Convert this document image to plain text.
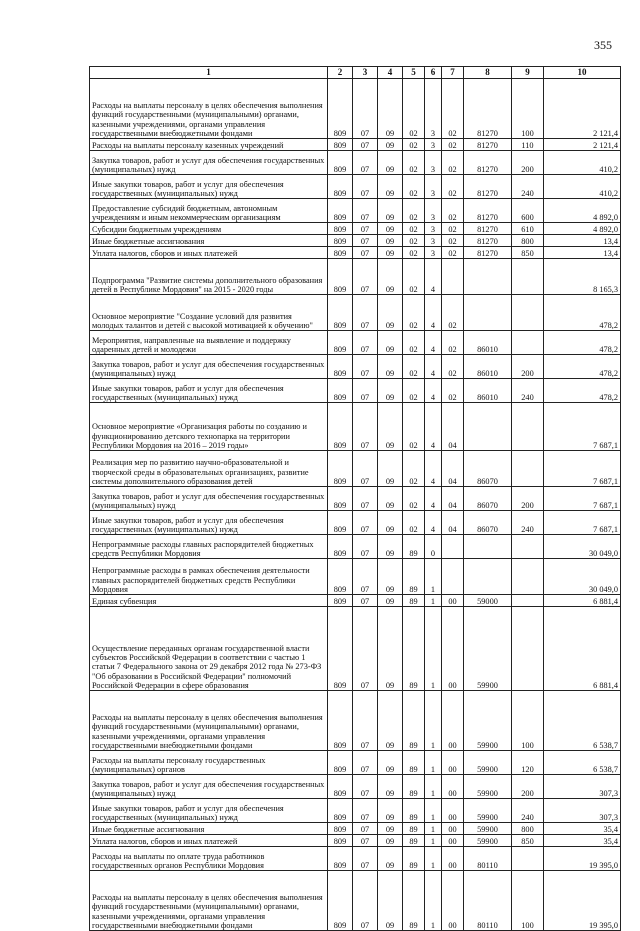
355
1	2	3	4	5	6	7	8	9	10
Расходы на выплаты персоналу в целях обеспечения выполнения функций государственными (муниципальными) органами, казенными учреждениями, органами управления государственными внебюджетными фондами	809	07	09	02	3	02	81270	100	2 121,4
Расходы на выплаты персоналу казенных учреждений	809	07	09	02	3	02	81270	110	2 121,4
Закупка товаров, работ и услуг для обеспечения государственных (муниципальных) нужд	809	07	09	02	3	02	81270	200	410,2
Иные закупки товаров, работ и услуг для обеспечения государственных (муниципальных) нужд	809	07	09	02	3	02	81270	240	410,2
Предоставление субсидий бюджетным, автономным учреждениям и иным некоммерческим организациям	809	07	09	02	3	02	81270	600	4 892,0
Субсидии бюджетным учреждениям	809	07	09	02	3	02	81270	610	4 892,0
Иные бюджетные ассигнования	809	07	09	02	3	02	81270	800	13,4
Уплата налогов, сборов и иных платежей	809	07	09	02	3	02	81270	850	13,4
Подпрограмма "Развитие системы дополнительного образования детей в Республике Мордовия" на 2015 - 2020 годы	809	07	09	02	4				8 165,3
Основное мероприятие "Создание условий для развития молодых талантов и детей с высокой мотивацией к обучению"	809	07	09	02	4	02			478,2
Мероприятия, направленные на выявление и поддержку одаренных детей и молодежи	809	07	09	02	4	02	86010		478,2
Закупка товаров, работ и услуг для обеспечения государственных (муниципальных) нужд	809	07	09	02	4	02	86010	200	478,2
Иные закупки товаров, работ и услуг для обеспечения государственных (муниципальных) нужд	809	07	09	02	4	02	86010	240	478,2
Основное мероприятие «Организация работы по созданию и функционированию детского технопарка на территории Республики Мордовия на 2016 – 2019 годы»	809	07	09	02	4	04			7 687,1
Реализация мер по развитию научно-образовательной и творческой среды в образовательных организациях, развитие системы дополнительного образования детей	809	07	09	02	4	04	86070		7 687,1
Закупка товаров, работ и услуг для обеспечения государственных (муниципальных) нужд	809	07	09	02	4	04	86070	200	7 687,1
Иные закупки товаров, работ и услуг для обеспечения государственных (муниципальных) нужд	809	07	09	02	4	04	86070	240	7 687,1
Непрограммные расходы главных распорядителей бюджетных средств Республики Мордовия	809	07	09	89	0				30 049,0
Непрограммные расходы в рамках обеспечения деятельности главных распорядителей бюджетных средств Республики Мордовия	809	07	09	89	1				30 049,0
Единая субвенция	809	07	09	89	1	00	59000		6 881,4
Осуществление переданных органам государственной власти субъектов Российской Федерации в соответствии с частью 1 статьи 7 Федерального закона от 29 декабря 2012 года № 273-ФЗ "Об образовании в Российской Федерации" полномочий Российской Федерации в сфере образования	809	07	09	89	1	00	59900		6 881,4
Расходы на выплаты персоналу в целях обеспечения выполнения функций государственными (муниципальными) органами, казенными учреждениями, органами управления государственными внебюджетными фондами	809	07	09	89	1	00	59900	100	6 538,7
Расходы на выплаты персоналу государственных (муниципальных) органов	809	07	09	89	1	00	59900	120	6 538,7
Закупка товаров, работ и услуг для обеспечения государственных (муниципальных) нужд	809	07	09	89	1	00	59900	200	307,3
Иные закупки товаров, работ и услуг для обеспечения государственных (муниципальных) нужд	809	07	09	89	1	00	59900	240	307,3
Иные бюджетные ассигнования	809	07	09	89	1	00	59900	800	35,4
Уплата налогов, сборов и иных платежей	809	07	09	89	1	00	59900	850	35,4
Расходы на выплаты по оплате труда работников государственных органов Республики Мордовия	809	07	09	89	1	00	80110		19 395,0
Расходы на выплаты персоналу в целях обеспечения выполнения функций государственными (муниципальными) органами, казенными учреждениями, органами управления государственными внебюджетными фондами	809	07	09	89	1	00	80110	100	19 395,0
